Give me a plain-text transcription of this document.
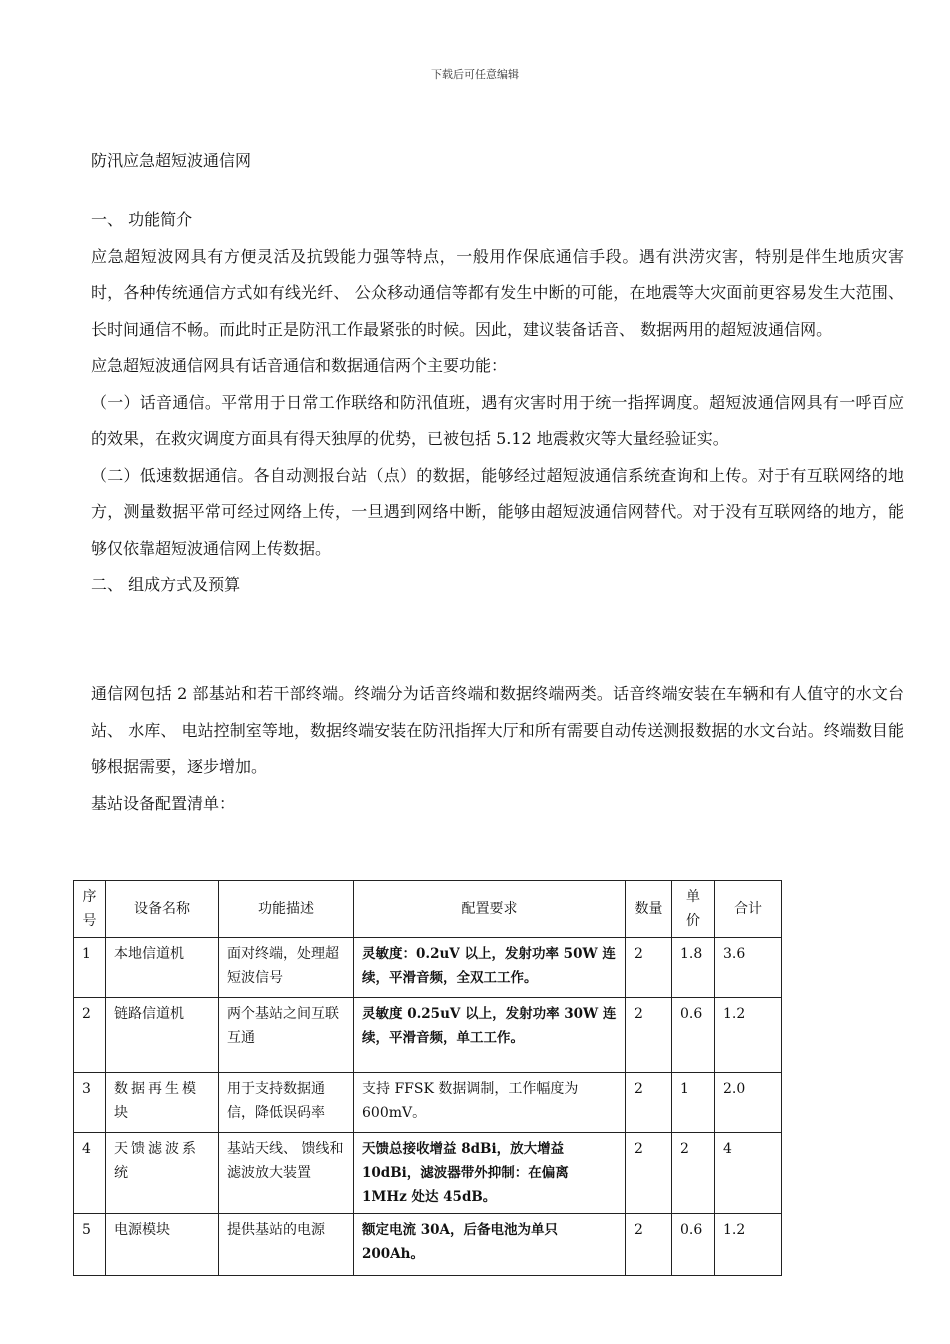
下载后可任意编辑
防汛应急超短波通信网

一、 功能简介

应急超短波网具有方便灵活及抗毁能力强等特点，一般用作保底通信手段。遇有洪涝灾害，特别是伴生地质灾害时，各种传统通信方式如有线光纤、 公众移动通信等都有发生中断的可能，在地震等大灾面前更容易发生大范围、 长时间通信不畅。而此时正是防汛工作最紧张的时候。因此，建议装备话音、 数据两用的超短波通信网。

应急超短波通信网具有话音通信和数据通信两个主要功能：

（一）话音通信。平常用于日常工作联络和防汛值班，遇有灾害时用于统一指挥调度。超短波通信网具有一呼百应的效果，在救灾调度方面具有得天独厚的优势，已被包括 5.12 地震救灾等大量经验证实。

（二）低速数据通信。各自动测报台站（点）的数据，能够经过超短波通信系统查询和上传。对于有互联网络的地方，测量数据平常可经过网络上传，一旦遇到网络中断，能够由超短波通信网替代。对于没有互联网络的地方，能够仅依靠超短波通信网上传数据。

二、 组成方式及预算

通信网包括 2 部基站和若干部终端。终端分为话音终端和数据终端两类。话音终端安装在车辆和有人值守的水文台站、 水库、 电站控制室等地，数据终端安装在防汛指挥大厅和所有需要自动传送测报数据的水文台站。终端数目能够根据需要，逐步增加。

基站设备配置清单：

序号	设备名称	功能描述	配置要求	数量	单价	合计
1	本地信道机	面对终端，处理超短波信号	灵敏度：0.2uV 以上，发射功率 50W 连续，平滑音频，全双工工作。	2	1.8	3.6
2	链路信道机	两个基站之间互联互通	灵敏度 0.25uV 以上，发射功率 30W 连续，平滑音频，单工工作。	2	0.6	1.2
3	数据再生模块	用于支持数据通信，降低误码率	支持 FFSK 数据调制，工作幅度为 600mV。	2	1	2.0
4	天馈滤波系统	基站天线、 馈线和滤波放大装置	天馈总接收增益 8dBi，放大增益 10dBi，滤波器带外抑制：在偏离 1MHz 处达 45dB。	2	2	4
5	电源模块	提供基站的电源	额定电流 30A，后备电池为单只 200Ah。	2	0.6	1.2
